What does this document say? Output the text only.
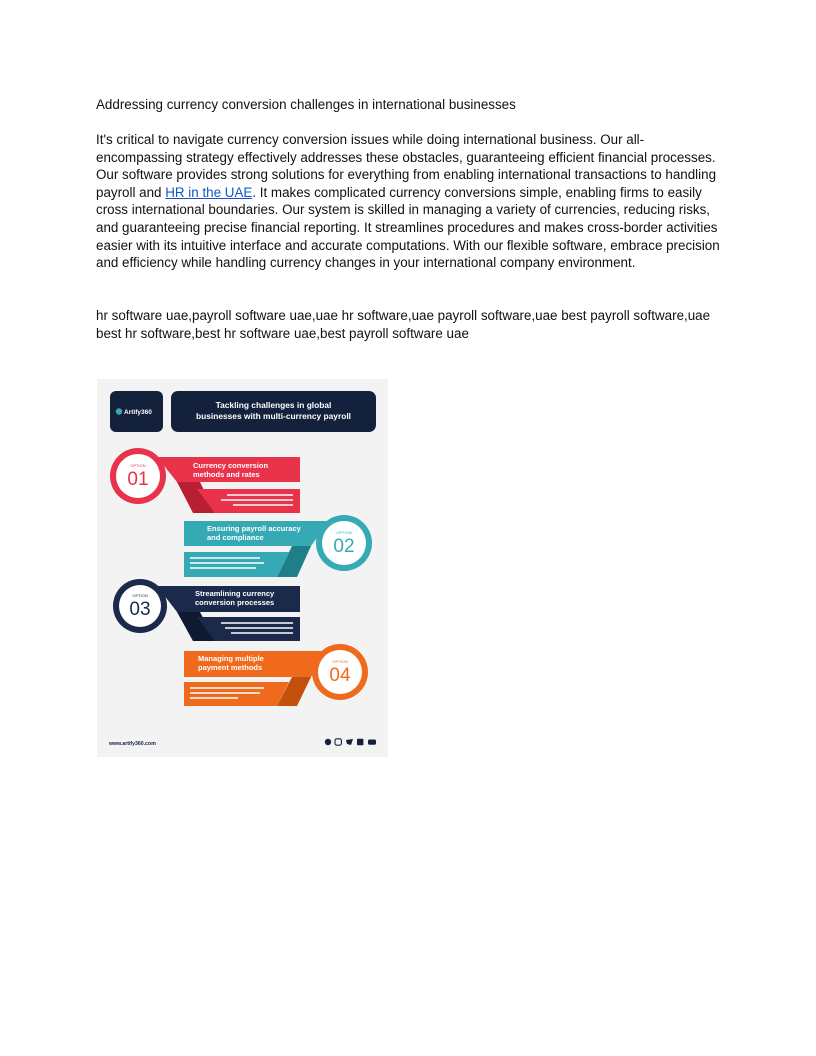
Addressing currency conversion challenges in international businesses

It's critical to navigate currency conversion issues while doing international business. Our all-encompassing strategy effectively addresses these obstacles, guaranteeing efficient financial processes. Our software provides strong solutions for everything from enabling international transactions to handling payroll and HR in the UAE. It makes complicated currency conversions simple, enabling firms to easily cross international boundaries. Our system is skilled in managing a variety of currencies, reducing risks, and guaranteeing precise financial reporting. It streamlines procedures and makes cross-border activities easier with its intuitive interface and accurate computations. With our flexible software, embrace precision and efficiency while handling currency changes in your international company environment.

hr software uae,payroll software uae,uae hr software,uae payroll software,uae best payroll software,uae best hr software,best hr software uae,best payroll software uae

Artify360
Tackling challenges in global
businesses with multi-currency payroll
OPTION
01
Currency conversion
methods and rates
OPTION
02
Ensuring payroll accuracy
and compliance
OPTION
03
Streamlining currency
conversion processes
OPTION
04
Managing multiple
payment methods
www.artify360.com
